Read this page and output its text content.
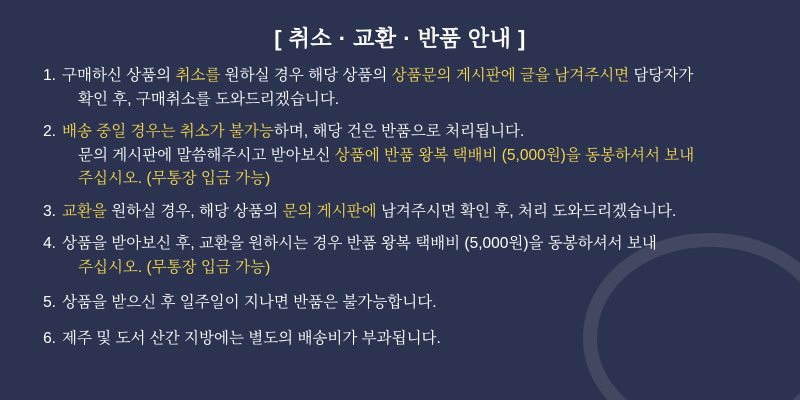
[ 취소 · 교환 · 반품 안내 ]
1. 구매하신 상품의 취소를 원하실 경우 해당 상품의 상품문의 게시판에 글을 남겨주시면 담당자가
확인 후, 구매취소를 도와드리겠습니다.
2. 배송 중일 경우는 취소가 불가능하며, 해당 건은 반품으로 처리됩니다.
문의 게시판에 말씀해주시고 받아보신 상품에 반품 왕복 택배비 (5,000원)을 동봉하셔서 보내
주십시오. (무통장 입금 가능)
3. 교환을 원하실 경우, 해당 상품의 문의 게시판에 남겨주시면 확인 후, 처리 도와드리겠습니다.
4. 상품을 받아보신 후, 교환을 원하시는 경우 반품 왕복 택배비 (5,000원)을 동봉하셔서 보내
주십시오. (무통장 입금 가능)
5. 상품을 받으신 후 일주일이 지나면 반품은 불가능합니다.
6. 제주 및 도서 산간 지방에는 별도의 배송비가 부과됩니다.
